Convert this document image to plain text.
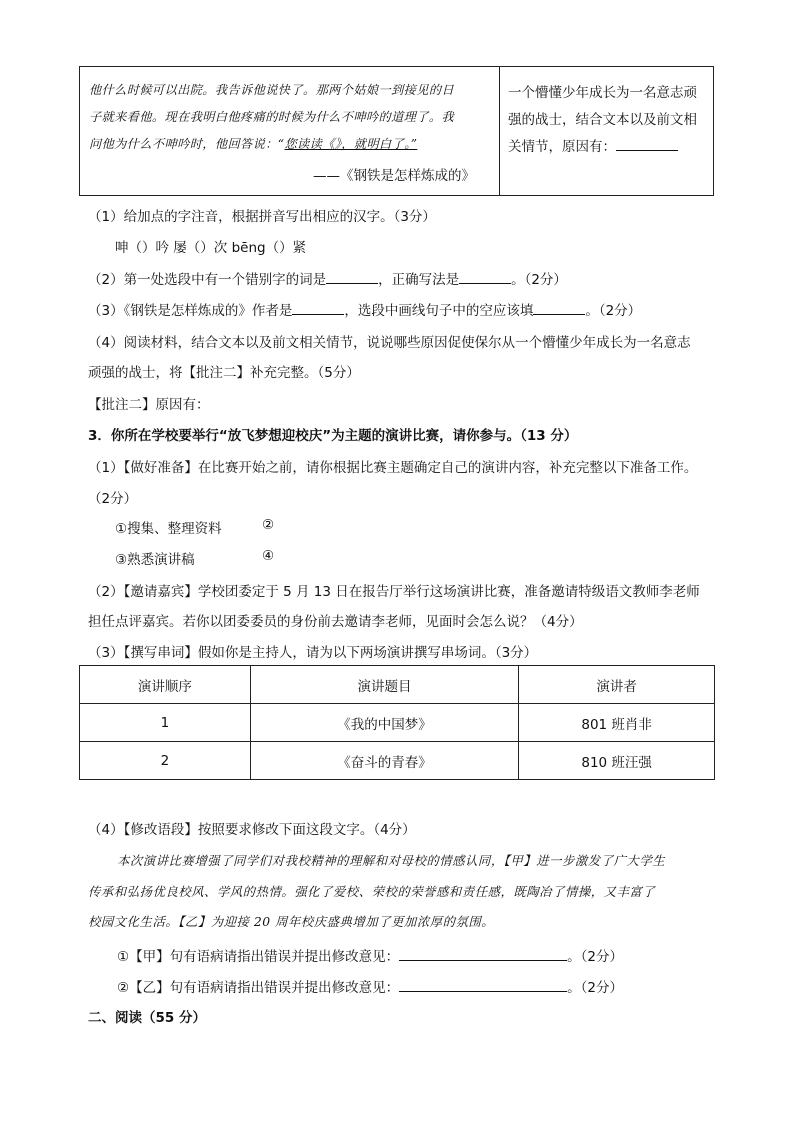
他什么时候可以出院。我告诉他说快了。那两个姑娘一到接见的日
子就来看他。现在我明白他疼痛的时候为什么不呻吟的道理了。我
问他为什么不呻吟时，他回答说：“您读读《》，就明白了。”
——《钢铁是怎样炼成的》
一个懵懂少年成长为一名意志顽
强的战士，结合文本以及前文相
关情节，原因有：
（1）给加点的字注音，根据拼音写出相应的汉字。（3分）
呻（）吟 屡（）次 bēng（）紧
（2）第一处选段中有一个错别字的词是	，正确写法是	。（2分）
（3）《钢铁是怎样炼成的》作者是	，选段中画线句子中的空应该填	。（2分）
（4）阅读材料，结合文本以及前文相关情节，说说哪些原因促使保尔从一个懵懂少年成长为一名意志
顽强的战士，将【批注二】补充完整。（5分）
【批注二】原因有：
3．你所在学校要举行“放飞梦想迎校庆”为主题的演讲比赛，请你参与。（13 分）
（1）【做好准备】在比赛开始之前，请你根据比赛主题确定自己的演讲内容，补充完整以下准备工作。
（2分）
①搜集、整理资料	②
③熟悉演讲稿	④
（2）【邀请嘉宾】学校团委定于 5 月 13 日在报告厅举行这场演讲比赛，准备邀请特级语文教师李老师
担任点评嘉宾。若你以团委委员的身份前去邀请李老师，见面时会怎么说？（4分）
（3）【撰写串词】假如你是主持人，请为以下两场演讲撰写串场词。（3分）
演讲顺序	演讲题目	演讲者
1	《我的中国梦》	801 班肖非
2	《奋斗的青春》	810 班汪强
（4）【修改语段】按照要求修改下面这段文字。（4分）
本次演讲比赛增强了同学们对我校精神的理解和对母校的情感认同，【甲】进一步激发了广大学生
传承和弘扬优良校风、学风的热情。强化了爱校、荣校的荣誉感和责任感，既陶冶了情操，又丰富了
校园文化生活。【乙】为迎接 20 周年校庆盛典增加了更加浓厚的氛围。
①【甲】句有语病请指出错误并提出修改意见：	。（2分）
②【乙】句有语病请指出错误并提出修改意见：	。（2分）
二、阅读（55 分）
